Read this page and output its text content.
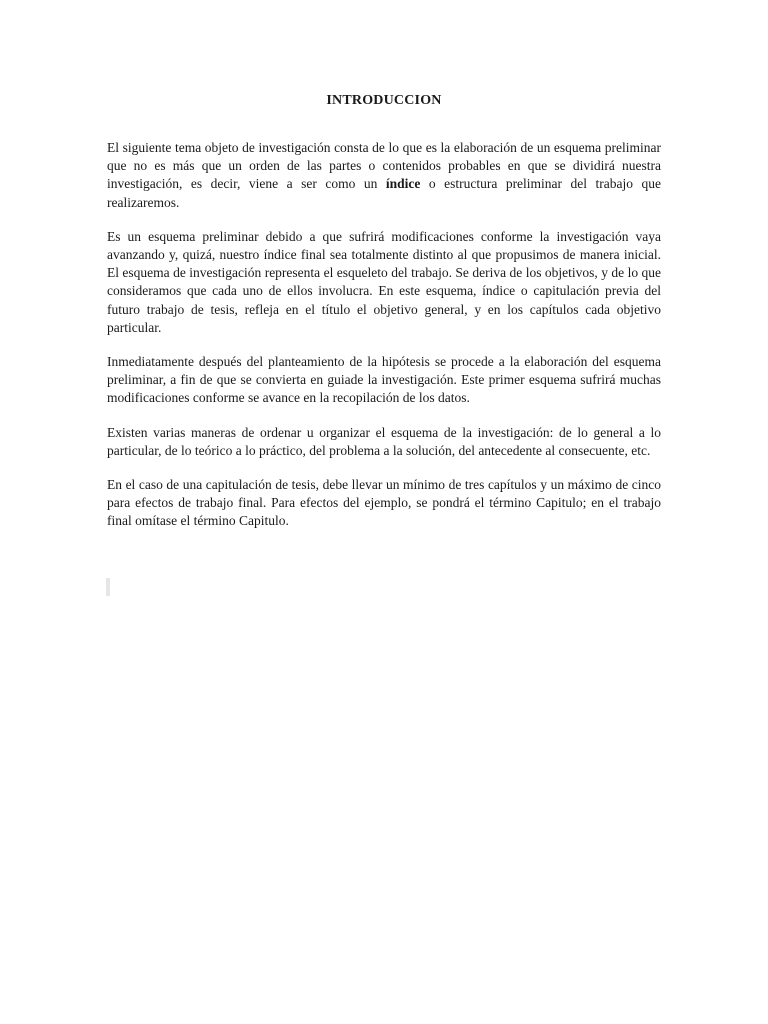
INTRODUCCION

El siguiente tema objeto de investigación consta de lo que es la elaboración de un esquema preliminar que no es más que un orden de las partes o contenidos probables en que se dividirá nuestra investigación, es decir, viene a ser como un índice o estructura preliminar del trabajo que realizaremos.

Es un esquema preliminar debido a que sufrirá modificaciones conforme la investigación vaya avanzando y, quizá, nuestro índice final sea totalmente distinto al que propusimos de manera inicial. El esquema de investigación representa el esqueleto del trabajo. Se deriva de los objetivos, y de lo que consideramos que cada uno de ellos involucra. En este esquema, índice o capitulación previa del futuro trabajo de tesis, refleja en el título el objetivo general, y en los capítulos cada objetivo particular.

Inmediatamente después del planteamiento de la hipótesis se procede a la elaboración del esquema preliminar, a fin de que se convierta en guiade la investigación. Este primer esquema sufrirá muchas modificaciones conforme se avance en la recopilación de los datos.

Existen varias maneras de ordenar u organizar el esquema de la investigación: de lo general a lo particular, de lo teórico a lo práctico, del problema a la solución, del antecedente al consecuente, etc.

En el caso de una capitulación de tesis, debe llevar un mínimo de tres capítulos y un máximo de cinco para efectos de trabajo final. Para efectos del ejemplo, se pondrá el término Capitulo; en el trabajo final omítase el término Capitulo.
